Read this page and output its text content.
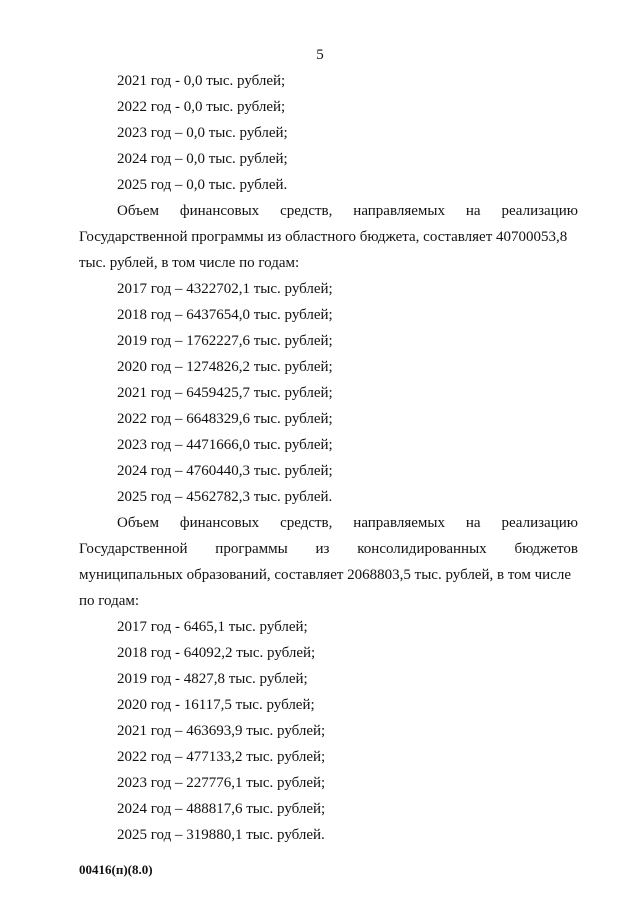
5
2021 год - 0,0 тыс. рублей;
2022 год - 0,0 тыс. рублей;
2023 год – 0,0 тыс. рублей;
2024 год – 0,0 тыс. рублей;
2025 год – 0,0 тыс. рублей.
Объем финансовых средств, направляемых на реализацию
Государственной программы из областного бюджета, составляет 40700053,8
тыс. рублей, в том числе по годам:
2017 год – 4322702,1 тыс. рублей;
2018 год – 6437654,0 тыс. рублей;
2019 год – 1762227,6 тыс. рублей;
2020 год – 1274826,2 тыс. рублей;
2021 год – 6459425,7 тыс. рублей;
2022 год – 6648329,6 тыс. рублей;
2023 год – 4471666,0 тыс. рублей;
2024 год – 4760440,3 тыс. рублей;
2025 год – 4562782,3 тыс. рублей.
Объем финансовых средств, направляемых на реализацию
Государственной программы из консолидированных бюджетов
муниципальных образований, составляет 2068803,5 тыс. рублей, в том числе
по годам:
2017 год - 6465,1 тыс. рублей;
2018 год - 64092,2 тыс. рублей;
2019 год - 4827,8 тыс. рублей;
2020 год - 16117,5 тыс. рублей;
2021 год – 463693,9 тыс. рублей;
2022 год – 477133,2 тыс. рублей;
2023 год – 227776,1 тыс. рублей;
2024 год – 488817,6 тыс. рублей;
2025 год – 319880,1 тыс. рублей.
00416(п)(8.0)
